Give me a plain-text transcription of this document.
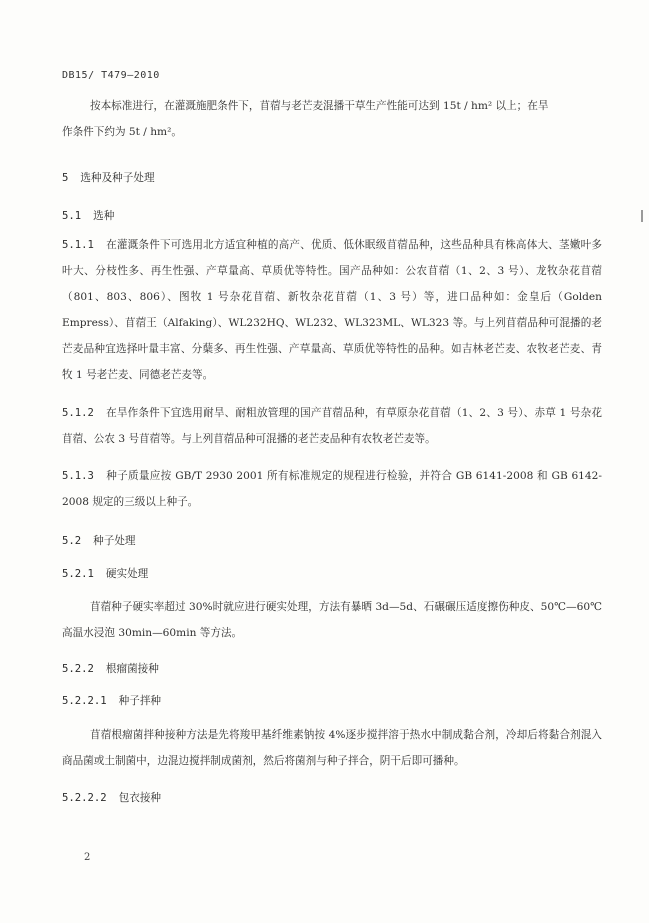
DB15/ T479—2010

按本标准进行，在灌溉施肥条件下，苜蓿与老芒麦混播干草生产性能可达到 15t / hm² 以上；在旱
作条件下约为 5t / hm²。

5 选种及种子处理
5.1 选种

5.1.1 在灌溉条件下可选用北方适宜种植的高产、优质、低休眠级苜蓿品种，这些品种具有株高体大、茎嫩叶多叶大、分枝性多、再生性强、产草量高、草质优等特性。国产品种如：公农苜蓿（1、2、3 号）、龙牧杂花苜蓿（801、803、806）、图牧 1 号杂花苜蓿、新牧杂花苜蓿（1、3 号）等，进口品种如：金皇后（Golden Empress）、苜蓿王（Alfaking）、WL232HQ、WL232、WL323ML、WL323 等。与上列苜蓿品种可混播的老芒麦品种宜选择叶量丰富、分蘖多、再生性强、产草量高、草质优等特性的品种。如吉林老芒麦、农牧老芒麦、青牧 1 号老芒麦、同德老芒麦等。

5.1.2 在旱作条件下宜选用耐旱、耐粗放管理的国产苜蓿品种，有草原杂花苜蓿（1、2、3 号）、赤草 1 号杂花苜蓿、公农 3 号苜蓿等。与上列苜蓿品种可混播的老芒麦品种有农牧老芒麦等。

5.1.3 种子质量应按 GB/T 2930 2001 所有标准规定的规程进行检验，并符合 GB 6141-2008 和 GB 6142-2008 规定的三级以上种子。

5.2 种子处理
5.2.1 硬实处理

苜蓿种子硬实率超过 30%时就应进行硬实处理，方法有暴晒 3d—5d、石碾碾压适度擦伤种皮、50℃—60℃高温水浸泡 30min—60min 等方法。

5.2.2 根瘤菌接种
5.2.2.1 种子拌种

苜蓿根瘤菌拌种接种方法是先将羧甲基纤维素钠按 4%逐步搅拌溶于热水中制成黏合剂，冷却后将黏合剂混入商品菌或土制菌中，边混边搅拌制成菌剂，然后将菌剂与种子拌合，阴干后即可播种。

5.2.2.2 包衣接种
2
